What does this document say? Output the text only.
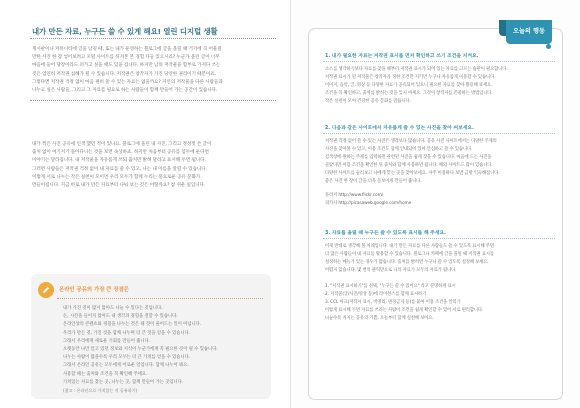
내가 만든 자료, 누구든 쓸 수 있게 해요! 열린 디지털 생활
게시판이나 커뮤니티에 글을 남길 때, 또는 내가 운영하는 블로그에 글을 올릴 때 거기에 꼭 어울릴
만한 사진 한 장 넣어보려고 포털 사이트를 뒤져본 본 경험 다들 있으시죠? 누군가 올린 글이 너무
마음에 들어 당장이라도 퍼가고 싶을 때도 있을 겁니다. 하지만 남의 저작물을 함부로 가져다 쓰는
것은 엄연히 저작권 침해가 될 수 있습니다. 저작권은 창작자가 가진 당연한 권리이기 때문이죠.
그렇다면 저작권 걱정 없이 마음 편히 쓸 수 있는 자료는 없을까요? 자신의 저작물을 다른 사람들과
나누고 싶은 사람들, 그리고 그 자료를 필요로 하는 사람들이 함께 만들어 가는 공간이 있습니다.
내가 찍은 사진 공유에 인색 했던 적이 있나요. 블로그에 올린 내 사진, 그리고 정성껏 쓴 글이
출처 없이 여기저기 돌아다니는 것을 보면 속상하죠. 하지만 처음부터 공유를 염두에 둔다면
이야기는 달라집니다. 내 저작물을 자유롭게 쓰되 출처만 밝혀 달라고 표시해 두면 됩니다.
그러면 사람들은 저작권 걱정 없이 내 자료를 쓸 수 있고, 나는 내 이름을 알릴 수 있습니다.
이렇게 서로 나누는 작은 실천이 모이면 우리 모두가 함께 누리는 풍요로운 공유 문화가
만들어집니다. 지금 바로 내가 만든 자료부터 나눠 보는 것은 어떨까요? 참 쉬운 일입니다.
온라인 공유의 가장 큰 장점은
내가 가진 것이 많지 않아도 나눌 수 있다는 것입니다.
돈, 시간을 들이지 않아도 내 생각과 경험을 전할 수 있습니다.
온라인상의 콘텐츠와 경험을 나누는 것은 내 것이 줄어드는 일이 아닙니다.
우리가 만든 것, 가진 것을 함께 나누며 더 큰 것을 얻을 수 있습니다.
그래서 우리에게 새로운 기회를 만들어 줍니다.
오랫동안 나만 알고 있던 정보와 지식이 누군가에게 꼭 필요한 것이 될 수 있습니다.
나누는 사람이 많을수록 우리 모두는 더 큰 가치를 얻을 수 있습니다.
그래서 온라인 공유는 모두에게 이로운 일입니다. 함께 나누어 봐요.
사용할 때는 출처와 조건을 꼭 확인해 주세요.
가치있는 자료를 찾는 곳, 나누는 곳, 함께 만들어 가는 곳입니다.
(참고 : 온라인으로 가치있는 것 공유하기)
오늘의 행동
1. 내가 필요한 자료는 저작권 표시를 먼저 확인하고 쓰기 조건을 지켜요.
소스를 생각하기보다 자료를 찾을 때부터 저작권 표시가 되어 있는 자료를 고르는 습관이 필요합니다.
저작권 표시가 된 저작물은 창작자가 정한 조건만 지키면 누구나 자유롭게 이용할 수 있습니다.
이미지, 음악, 글, 영상 등 다양한 자료가 공유되어 있으니 필요한 자료를 찾아 활용해 보세요.
조건을 꼭 확인하고, 출처를 밝히는 것을 잊지 마세요. 그것이 창작자를 존중하는 방법입니다.
작은 실천이 모여 건강한 공유 문화를 만듭니다.
2. 다음과 같은 사이트에서 자유롭게 쓸 수 있는 사진을 찾아 써보세요.
저작권 걱정 없이 쓸 수 있는 사진은 생각보다 많습니다. 공유 사진 사이트에서는 다양한 주제의
사진을 찾아볼 수 있고, 이용 조건도 함께 안내되어 있어 안심하고 쓸 수 있습니다.
검색창에 원하는 주제를 입력하면 관련된 사진을 쉽게 찾을 수 있습니다. 마음에 드는 사진을
골랐다면 이용 조건을 확인한 뒤 출처와 함께 사용하면 됩니다. 해외 사이트도 많이 있습니다.
다양한 사이트를 둘러보고 나에게 맞는 곳을 찾아보세요. 자주 이용하다 보면 금방 익숙해집니다.
좋은 사진 한 장이 글을 더욱 돋보이게 만들어 줍니다.
플리커 http://www.flickr.com/
피카사 http://picasaweb.google.com/home
3. 자료를 올릴 때 누구든 쓸 수 있도록 표시를 해 주세요.
이제 반대로 생각해 볼 차례입니다. 내가 만든 자료를 다른 사람들도 쓸 수 있도록 표시해 주면
더 많은 사람들이 내 자료를 활용할 수 있습니다. 블로그나 카페에 글을 올릴 때 저작권 표시를
설정하는 메뉴가 있는 경우가 많습니다. 출처를 밝히면 누구나 쓸 수 있도록 설정해 보세요.
어렵지 않습니다. 몇 번의 클릭만으로 나의 자료가 모두의 자료가 됩니다.
1. "저작권 표시하기"를 선택, "누구든 쓸 수 있어요" 라고 분명하게 표시
2. 저작물(글/사진/영상 등)에 라이선스를 함께 표시하기
3. CCL 마크(저작자 표시, 비영리, 변경금지 등)를 붙여 이용 조건을 알리기
이렇게 표시해 두면 자료를 쓰려는 사람이 조건을 쉽게 확인할 수 있어 서로 편리합니다.
나눌수록 커지는 공유의 기쁨, 오늘부터 함께 실천해 보아요.
